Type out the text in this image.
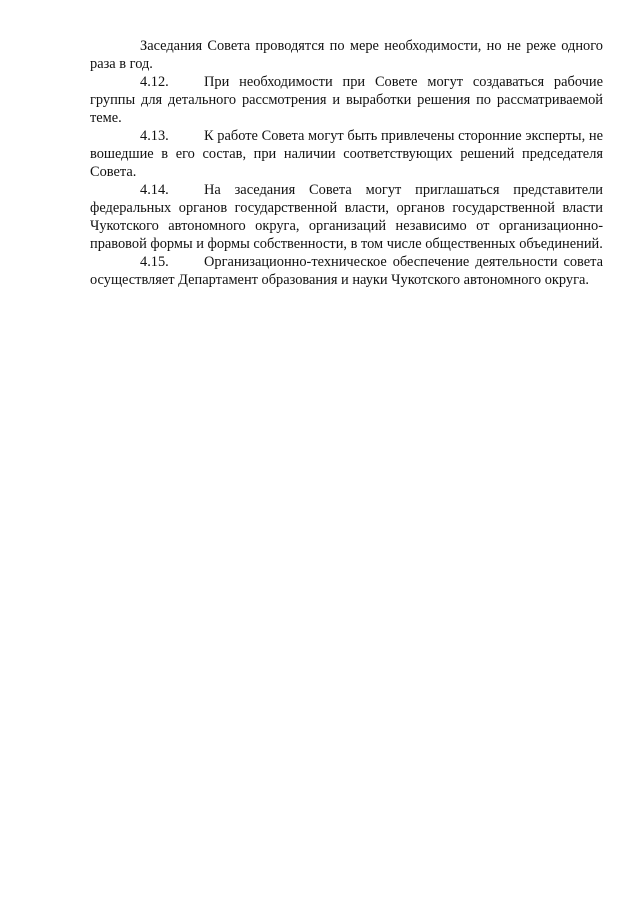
Заседания Совета проводятся по мере необходимости, но не реже одного раза в год.

4.12. При необходимости при Совете могут создаваться рабочие группы для детального рассмотрения и выработки решения по рассматриваемой теме.

4.13. К работе Совета могут быть привлечены сторонние эксперты, не вошедшие в его состав, при наличии соответствующих решений председателя Совета.

4.14. На заседания Совета могут приглашаться представители федеральных органов государственной власти, органов государственной власти Чукотского автономного округа, организаций независимо от организационно-правовой формы и формы собственности, в том числе общественных объединений.

4.15. Организационно-техническое обеспечение деятельности совета осуществляет Департамент образования и науки Чукотского автономного округа.
